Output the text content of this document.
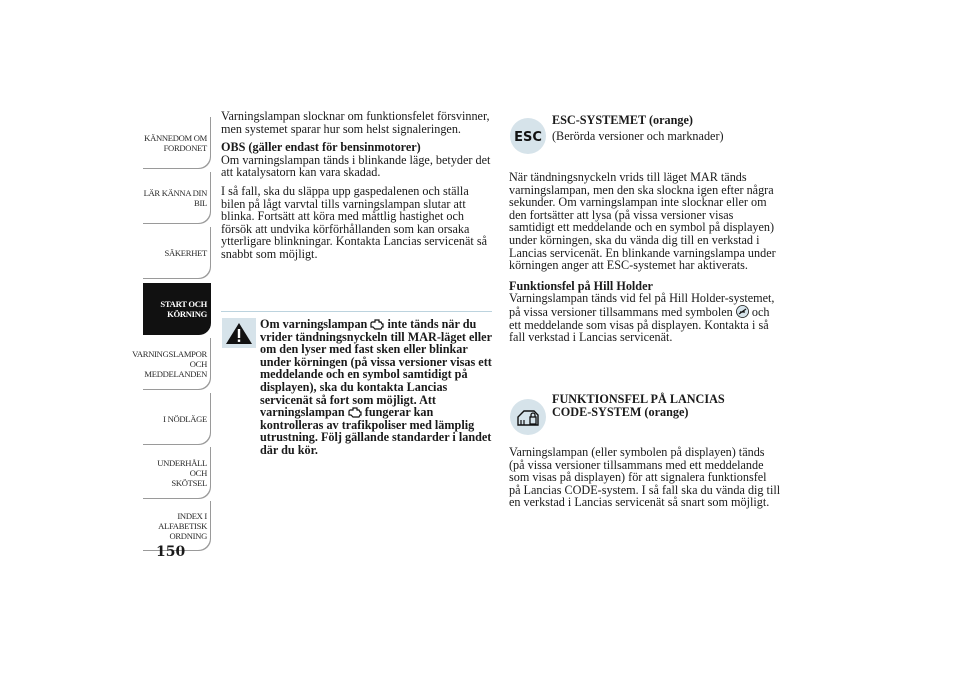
KÄNNEDOM OM
FORDONET
LÄR KÄNNA DIN
BIL
SÄKERHET
START OCH
KÖRNING
VARNINGSLAMPOR
OCH
MEDDELANDEN
I NÖDLÄGE
UNDERHÅLL OCH
SKÖTSEL
INDEX I
ALFABETISK
ORDNING
150

Varningslampan slocknar om funktionsfelet försvinner, men systemet sparar hur som helst signaleringen.

OBS (gäller endast för bensinmotorer)

Om varningslampan tänds i blinkande läge, betyder det att katalysatorn kan vara skadad.

I så fall, ska du släppa upp gaspedalenen och ställa bilen på lågt varvtal tills varningslampan slutar att blinka. Fortsätt att köra med måttlig hastighet och försök att undvika körförhållanden som kan orsaka ytterligare blinkningar. Kontakta Lancias servicenät så snabbt som möjligt.

Om varningslampan inte tänds när du vrider tändningsnyckeln till MAR-läget eller om den lyser med fast sken eller blinkar under körningen (på vissa versioner visas ett meddelande och en symbol samtidigt på displayen), ska du kontakta Lancias servicenät så fort som möjligt. Att varningslampan fungerar kan kontrolleras av trafikpoliser med lämplig utrustning. Följ gällande standarder i landet där du kör.
ESC
ESC-SYSTEMET (orange)
(Berörda versioner och marknader)

När tändningsnyckeln vrids till läget MAR tänds varningslampan, men den ska slockna igen efter några sekunder. Om varningslampan inte slocknar eller om den fortsätter att lysa (på vissa versioner visas samtidigt ett meddelande och en symbol på displayen) under körningen, ska du vända dig till en verkstad i Lancias servicenät. En blinkande varningslampa under körningen anger att ESC-systemet har aktiverats.

Funktionsfel på Hill Holder

Varningslampan tänds vid fel på Hill Holder-systemet, på vissa versioner tillsammans med symbolen och ett meddelande som visas på displayen. Kontakta i så fall verkstad i Lancias servicenät.

FUNKTIONSFEL PÅ LANCIAS CODE-SYSTEM (orange)

Varningslampan (eller symbolen på displayen) tänds (på vissa versioner tillsammans med ett meddelande som visas på displayen) för att signalera funktionsfel på Lancias CODE-system. I så fall ska du vända dig till en verkstad i Lancias servicenät så snart som möjligt.
